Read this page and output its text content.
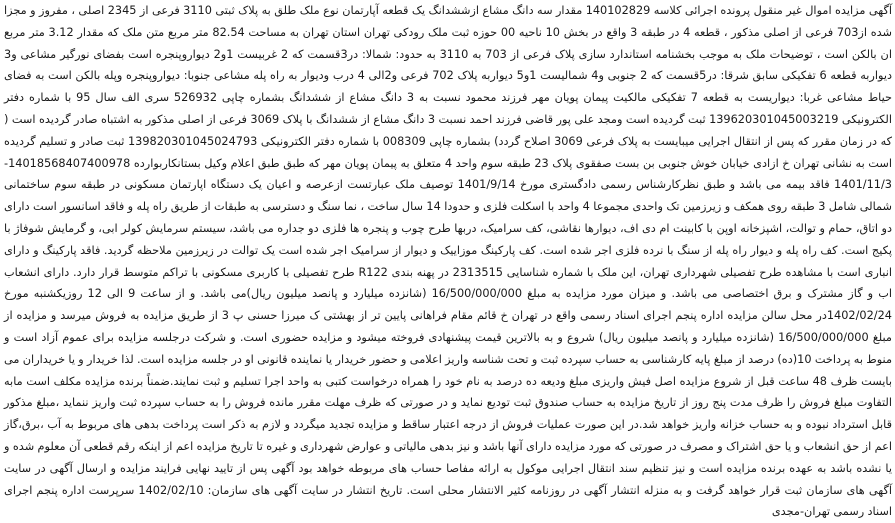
آگهی مزایده اموال غیر منقول پرونده اجرائی کلاسه 140102829 مقدار سه دانگ مشاع ازششدانگ یک قطعه آپارتمان نوع ملک طلق به پلاک ثبتی 3110 فرعی از 2345 اصلی ، مفروز و مجزا شده از703 فرعی از اصلی مذکور ، قطعه 4 در طبقه 3 واقع در بخش 10 ناحیه 00 حوزه ثبت ملک رودکی تهران استان تهران به مساحت 82.54 متر مربع متن ملک که مقدار 3.12 متر مربع ان بالکن است ، توضیحات ملک به موجب بخشنامه استاندارد سازی پلاک فرعی از 703 به 3110 به حدود: شمالا: در3قسمت که 2 غربیست 1و2 دیواروپنجره است بفضای نورگیر مشاعی و3 دیواربه قطعه 6 تفکیکی سابق شرقا: در5قسمت که 2 جنوبی و4 شمالیست 1و5 دیواربه پلاک 702 فرعی و2الی 4 درب ودیوار به راه پله مشاعی جنوبا: دیواروپنجره وپله بالکن است به فضای حیاط مشاعی غربا: دیواریست به قطعه 7 تفکیکی مالکیت پیمان پویان مهر فرزند محمود نسبت به 3 دانگ مشاع از ششدانگ بشماره چاپی 526932 سری الف سال 95 با شماره دفتر الکترونیکی 139620301045003219 ثبت گردیده است ومجد علی پور قاضی فرزند احمد نسبت 3 دانگ مشاع از ششدانگ با پلاک 3069 فرعی از اصلی مذکور به اشتباه صادر گردیده است ( که در زمان مقرر که پس از انتقال اجرایی میبایست به پلاک فرعی 3069 اصلاح گردد) بشماره چاپی 008309 با شماره دفتر الکترونیکی 139820301045024793 ثبت صادر و تسلیم گردیده است به نشانی تهران خ ازادی خیابان خوش جنوبی بن بست صفقوی پلاک 23 طبقه سوم واحد 4 متعلق به پیمان پویان مهر که طبق طبق اعلام وکیل بستانکاربوارده 14018568407400978-1401/11/3 فاقد بیمه می باشد و طبق نظرکارشناس رسمی دادگستری مورخ 1401/9/14 توصیف ملک عبارتست ازعرصه و اعیان یک دستگاه اپارتمان مسکونی در طبقه سوم ساختمانی شمالی شامل 3 طبقه روی همکف و زیرزمین تک واحدی مجموعا 4 واحد با اسکلت فلزی و حدودا 14 سال ساخت ، نما سنگ و دسترسی به طبقات از طریق راه پله و فاقد اسانسور است دارای دو اتاق، حمام و توالت، اشپزخانه اوپن با کابینت ام دی اف، دیوارها نقاشی، کف سرامیک، دربها طرح چوب و پنجره ها فلزی دو جداره می باشد، سیستم سرمایش کولر ابی، و گرمایش شوفاژ با پکیج است. کف راه پله و دیوار راه پله از سنگ با نرده فلزی اجر شده است. کف پارکینگ موزاییک و دیوار از سرامیک اجر شده است یک توالت در زیرزمین ملاحظه گردید. فاقد پارکینگ و دارای انباری است با مشاهده طرح تفصیلی شهرداری تهران، این ملک با شماره شناسایی 2313515 در پهنه بندی R122 طرح تفصیلی با کاربری مسکونی با تراکم متوسط قرار دارد. دارای انشعاب اب و گاز مشترک و برق اختصاصی می باشد. و میزان مورد مزایده به مبلغ 16/500/000/000 (شانزده میلیارد و پانصد میلیون ریال)می باشد. و از ساعت 9 الی 12 روزیکشنبه مورخ 1402/02/24در محل سالن مزایده اداره پنجم اجرای اسناد رسمی واقع در تهران خ قائم مقام فراهانی پایین تر از بهشتی ک میرزا حسنی پ 3 از طریق مزایده به فروش میرسد و مزایده از مبلغ 16/500/000/000 (شانزده میلیارد و پانصد میلیون ریال) شروع و به بالاترین قیمت پیشنهادی فروخته میشود و مزایده حضوری است. و شرکت درجلسه مزایده برای عموم آزاد است و منوط به پرداخت 10(ده) درصد از مبلغ پایه کارشناسی به حساب سپرده ثبت و تحت شناسه واریز اعلامی و حضور خریدار یا نماینده قانونی او در جلسه مزایده است. لذا خریدار و یا خریداران می بایست ظرف 48 ساعت قبل از شروع مزایده اصل فیش واریزی مبلغ ودیعه ده درصد به نام خود را همراه درخواست کتبی به واحد اجرا تسلیم و ثبت نمایند.ضمناً برنده مزایده مکلف است مابه التفاوت مبلغ فروش را ظرف مدت پنج روز از تاریخ مزایده به حساب صندوق ثبت تودیع نماید و در صورتی که ظرف مهلت مقرر مانده فروش را به حساب سپرده ثبت واریز ننماید ،مبلغ مذکور قابل استرداد نبوده و به حساب خزانه واریز خواهد شد.در این صورت عملیات فروش از درجه اعتبار ساقط و مزایده تجدید میگردد و لازم به ذکر است پرداخت بدهی های مربوط به آب ،برق،گاز اعم از حق انشعاب و یا حق اشتراک و مصرف در صورتی که مورد مزایده دارای آنها باشد و نیز بدهی مالیاتی و عوارض شهرداری و غیره تا تاریخ مزایده اعم از اینکه رقم قطعی آن معلوم شده و یا نشده باشد به عهده برنده مزایده است و نیز تنظیم سند انتقال اجرایی موکول به ارائه مفاصا حساب های مربوطه خواهد بود آگهی پس از تایید نهایی فرایند مزایده و ارسال آگهی در سایت آگهی های سازمان ثبت قرار خواهد گرفت و به منزله انتشار آگهی در روزنامه کثیر الانتشار محلی است. تاریخ انتشار در سایت آگهی های سازمان: 1402/02/10 سرپرست اداره پنجم اجرای اسناد رسمی تهران-مجدی
